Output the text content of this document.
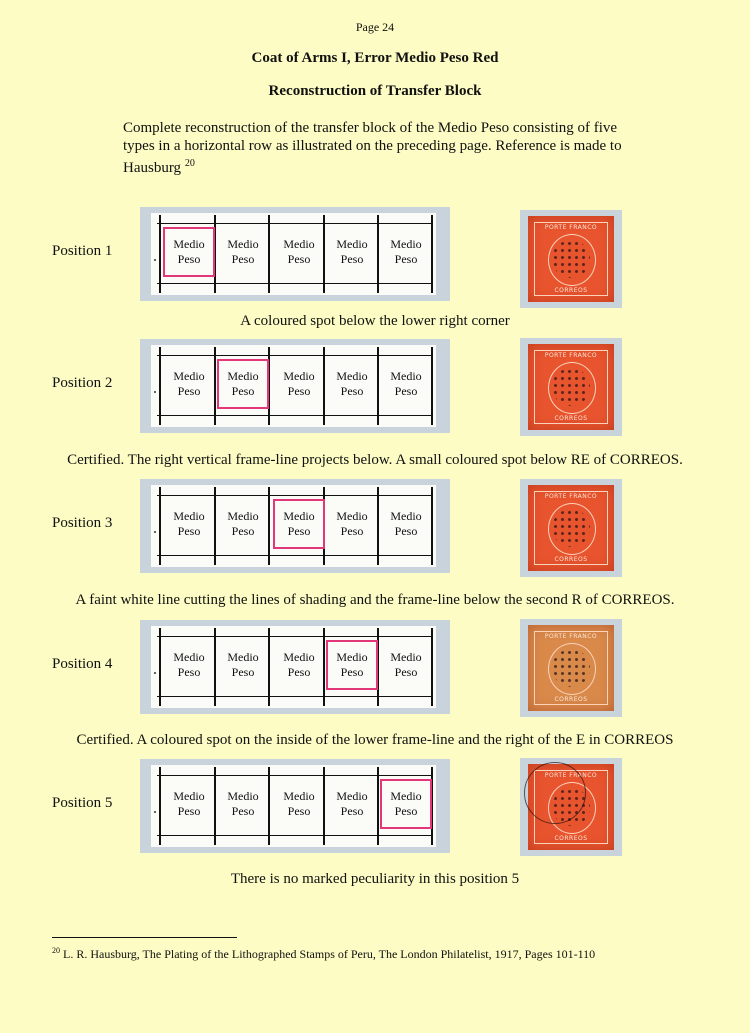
Page 24
Coat of Arms I, Error Medio Peso Red
Reconstruction of Transfer Block
Complete reconstruction of the transfer block of the Medio Peso consisting of five types in a horizontal row as illustrated on the preceding page. Reference is made to Hausburg $^{20}$
Position 1	Medio
Peso
Medio
Peso
Medio
Peso
Medio
Peso
Medio
Peso
PORTE FRANCO
CORREOS
A coloured spot below the lower right corner
Position 2	Medio
Peso
Medio
Peso
Medio
Peso
Medio
Peso
Medio
Peso
PORTE FRANCO
CORREOS
Certified. The right vertical frame-line projects below. A small coloured spot below RE of CORREOS.
Position 3	Medio
Peso
Medio
Peso
Medio
Peso
Medio
Peso
Medio
Peso
PORTE FRANCO
CORREOS
A faint white line cutting the lines of shading and the frame-line below the second R of CORREOS.
Position 4	Medio
Peso
Medio
Peso
Medio
Peso
Medio
Peso
Medio
Peso
PORTE FRANCO
CORREOS
Certified. A coloured spot on the inside of the lower frame-line and the right of the E in CORREOS
Position 5	Medio
Peso
Medio
Peso
Medio
Peso
Medio
Peso
Medio
Peso
PORTE FRANCO
CORREOS
There is no marked peculiarity in this position 5
$^{20}$ L. R. Hausburg, The Plating of the Lithographed Stamps of Peru, The London Philatelist, 1917, Pages 101-110
